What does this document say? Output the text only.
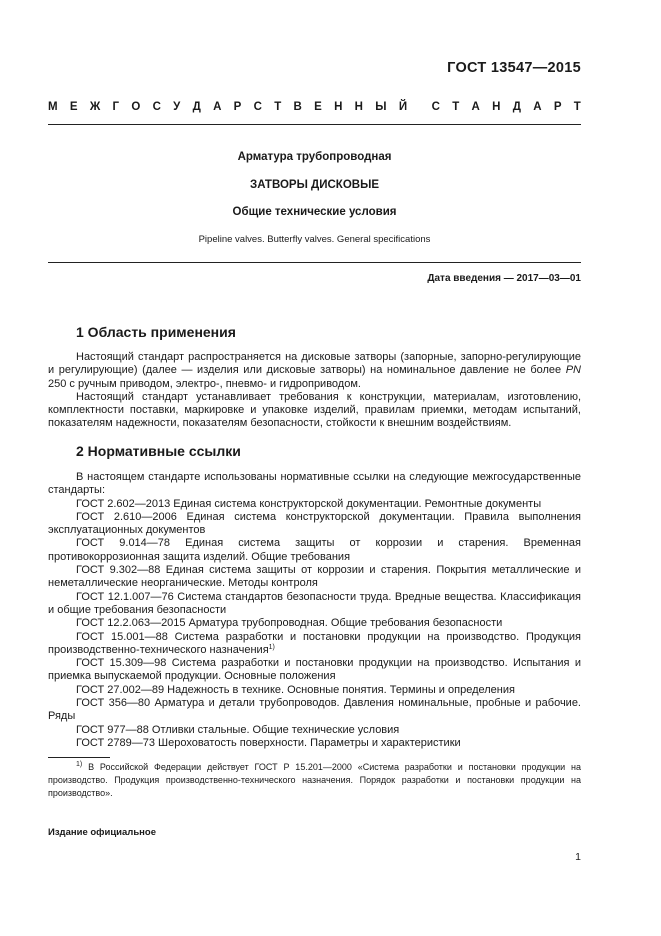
ГОСТ 13547—2015
М Е Ж Г О С У Д А Р С Т В Е Н Н Ы Й С Т А Н Д А Р Т
Арматура трубопроводная
ЗАТВОРЫ ДИСКОВЫЕ
Общие технические условия
Pipeline valves. Butterfly valves. General specifications
Дата введения — 2017—03—01
1 Область применения

Настоящий стандарт распространяется на дисковые затворы (запорные, запорно-регулирующие и регулирующие) (далее — изделия или дисковые затворы) на номинальное давление не более PN 250 с ручным приводом, электро-, пневмо- и гидроприводом.

Настоящий стандарт устанавливает требования к конструкции, материалам, изготовлению, комплектности поставки, маркировке и упаковке изделий, правилам приемки, методам испытаний, показателям надежности, показателям безопасности, стойкости к внешним воздействиям.

2 Нормативные ссылки

В настоящем стандарте использованы нормативные ссылки на следующие межгосударственные стандарты:

ГОСТ 2.602—2013 Единая система конструкторской документации. Ремонтные документы

ГОСТ 2.610—2006 Единая система конструкторской документации. Правила выполнения эксплуатационных документов

ГОСТ 9.014—78 Единая система защиты от коррозии и старения. Временная противокоррозионная защита изделий. Общие требования

ГОСТ 9.302—88 Единая система защиты от коррозии и старения. Покрытия металлические и неметаллические неорганические. Методы контроля

ГОСТ 12.1.007—76 Система стандартов безопасности труда. Вредные вещества. Классификация и общие требования безопасности

ГОСТ 12.2.063—2015 Арматура трубопроводная. Общие требования безопасности

ГОСТ 15.001—88 Система разработки и постановки продукции на производство. Продукция производственно-технического назначения$^{1)}$

ГОСТ 15.309—98 Система разработки и постановки продукции на производство. Испытания и приемка выпускаемой продукции. Основные положения

ГОСТ 27.002—89 Надежность в технике. Основные понятия. Термины и определения

ГОСТ 356—80 Арматура и детали трубопроводов. Давления номинальные, пробные и рабочие. Ряды

ГОСТ 977—88 Отливки стальные. Общие технические условия

ГОСТ 2789—73 Шероховатость поверхности. Параметры и характеристики

$^{1)}$ В Российской Федерации действует ГОСТ Р 15.201—2000 «Система разработки и постановки продукции на производство. Продукция производственно-технического назначения. Порядок разработки и постановки продукции на производство».

Издание официальное
1
